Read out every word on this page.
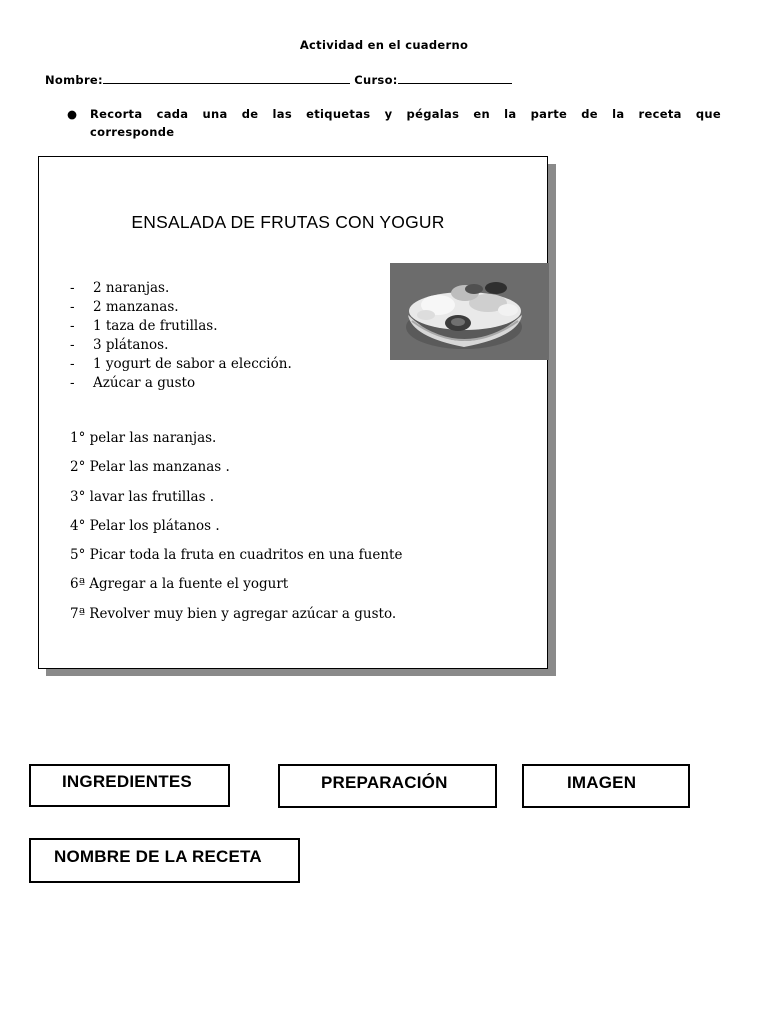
Actividad en el cuaderno
Nombre:	Curso:
● Recorta cada una de las etiquetas y pégalas en la parte de la receta que corresponde
ENSALADA DE FRUTAS CON YOGUR
- 2 naranjas.
- 2 manzanas.
- 1 taza de frutillas.
- 3 plátanos.
- 1 yogurt de sabor a elección.
- Azúcar a gusto
1° pelar las naranjas.
2° Pelar las manzanas .
3° lavar las frutillas .
4° Pelar los plátanos .
5° Picar toda la fruta en cuadritos en una fuente
6ª Agregar a la fuente el yogurt
7ª Revolver muy bien y agregar azúcar a gusto.
INGREDIENTES	PREPARACIÓN	IMAGEN
NOMBRE DE LA RECETA
